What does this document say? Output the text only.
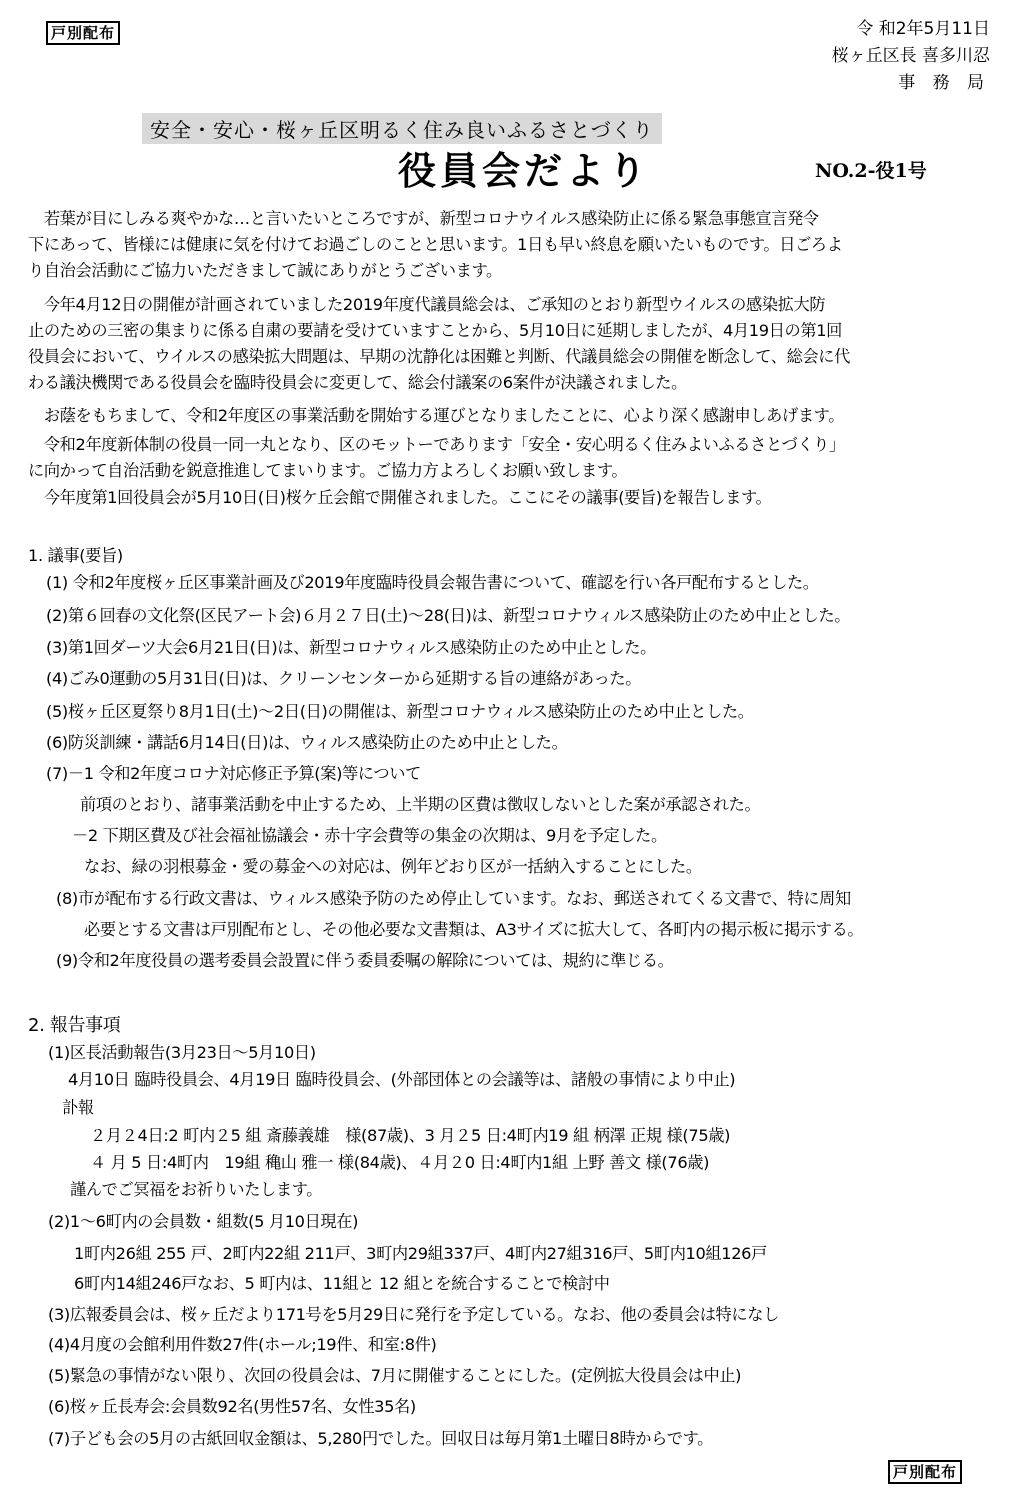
戸別配布	令 和2年5月11日
桜ヶ丘区長 喜多川忍
事 務 局
安全・安心・桜ヶ丘区明るく住み良いふるさとづくり
役員会だより	NO.2-役1号
　若葉が目にしみる爽やかな…と言いたいところですが、新型コロナウイルス感染防止に係る緊急事態宣言発令
下にあって、皆様には健康に気を付けてお過ごしのことと思います。1日も早い終息を願いたいものです。日ごろよ
り自治会活動にご協力いただきまして誠にありがとうございます。
　今年4月12日の開催が計画されていました2019年度代議員総会は、ご承知のとおり新型ウイルスの感染拡大防
止のための三密の集まりに係る自粛の要請を受けていますことから、5月10日に延期しましたが、4月19日の第1回
役員会において、ウイルスの感染拡大問題は、早期の沈静化は困難と判断、代議員総会の開催を断念して、総会に代
わる議決機関である役員会を臨時役員会に変更して、総会付議案の6案件が決議されました。
　お蔭をもちまして、令和2年度区の事業活動を開始する運びとなりましたことに、心より深く感謝申しあげます。
　令和2年度新体制の役員一同一丸となり、区のモットーであります「安全・安心明るく住みよいふるさとづくり」
に向かって自治活動を鋭意推進してまいります。ご協力方よろしくお願い致します。
　今年度第1回役員会が5月10日(日)桜ケ丘会館で開催されました。ここにその議事(要旨)を報告します。
1. 議事(要旨)
(1) 令和2年度桜ヶ丘区事業計画及び2019年度臨時役員会報告書について、確認を行い各戸配布するとした。
(2)第６回春の文化祭(区民アート会)６月２７日(土)～28(日)は、新型コロナウィルス感染防止のため中止とした。
(3)第1回ダーツ大会6月21日(日)は、新型コロナウィルス感染防止のため中止とした。
(4)ごみ0運動の5月31日(日)は、クリーンセンターから延期する旨の連絡があった。
(5)桜ヶ丘区夏祭り8月1日(土)～2日(日)の開催は、新型コロナウィルス感染防止のため中止とした。
(6)防災訓練・講話6月14日(日)は、ウィルス感染防止のため中止とした。
(7)－1 令和2年度コロナ対応修正予算(案)等について
前項のとおり、諸事業活動を中止するため、上半期の区費は徴収しないとした案が承認された。
－2 下期区費及び社会福祉協議会・赤十字会費等の集金の次期は、9月を予定した。
なお、緑の羽根募金・愛の募金への対応は、例年どおり区が一括納入することにした。
(8)市が配布する行政文書は、ウィルス感染予防のため停止しています。なお、郵送されてくる文書で、特に周知
必要とする文書は戸別配布とし、その他必要な文書類は、A3サイズに拡大して、各町内の掲示板に掲示する。
(9)令和2年度役員の選考委員会設置に伴う委員委嘱の解除については、規約に準じる。
2. 報告事項
(1)区長活動報告(3月23日～5月10日)
4月10日 臨時役員会、4月19日 臨時役員会、(外部団体との会議等は、諸般の事情により中止)
訃報
２月２4日:2 町内２5 組 斎藤義雄　様(87歳)、3 月２5 日:4町内19 組 柄澤 正規 様(75歳)
４ 月 5 日:4町内　19組 穐山 雅一 様(84歳)、４月２0 日:4町内1組 上野 善文 様(76歳)
謹んでご冥福をお祈りいたします。
(2)1～6町内の会員数・組数(5 月10日現在)
1町内26組 255 戸、2町内22組 211戸、3町内29組337戸、4町内27組316戸、5町内10組126戸
6町内14組246戸なお、5 町内は、11組と 12 組とを統合することで検討中
(3)広報委員会は、桜ヶ丘だより171号を5月29日に発行を予定している。なお、他の委員会は特になし
(4)4月度の会館利用件数27件(ホール;19件、和室:8件)
(5)緊急の事情がない限り、次回の役員会は、7月に開催することにした。(定例拡大役員会は中止)
(6)桜ヶ丘長寿会:会員数92名(男性57名、女性35名)
(7)子ども会の5月の古紙回収金額は、5,280円でした。回収日は毎月第1土曜日8時からです。
戸別配布
